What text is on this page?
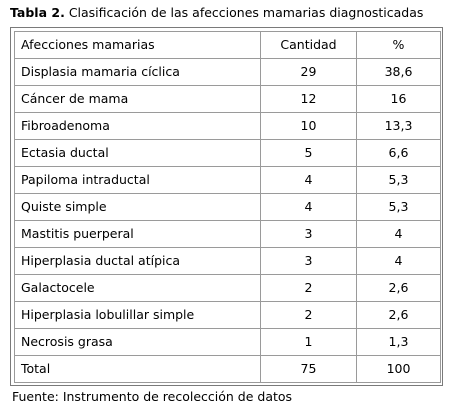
Tabla 2. Clasificación de las afecciones mamarias diagnosticadas
Afecciones mamarias	Cantidad	%
Displasia mamaria cíclica	29	38,6
Cáncer de mama	12	16
Fibroadenoma	10	13,3
Ectasia ductal	5	6,6
Papiloma intraductal	4	5,3
Quiste simple	4	5,3
Mastitis puerperal	3	4
Hiperplasia ductal atípica	3	4
Galactocele	2	2,6
Hiperplasia lobulillar simple	2	2,6
Necrosis grasa	1	1,3
Total	75	100
Fuente: Instrumento de recolección de datos
